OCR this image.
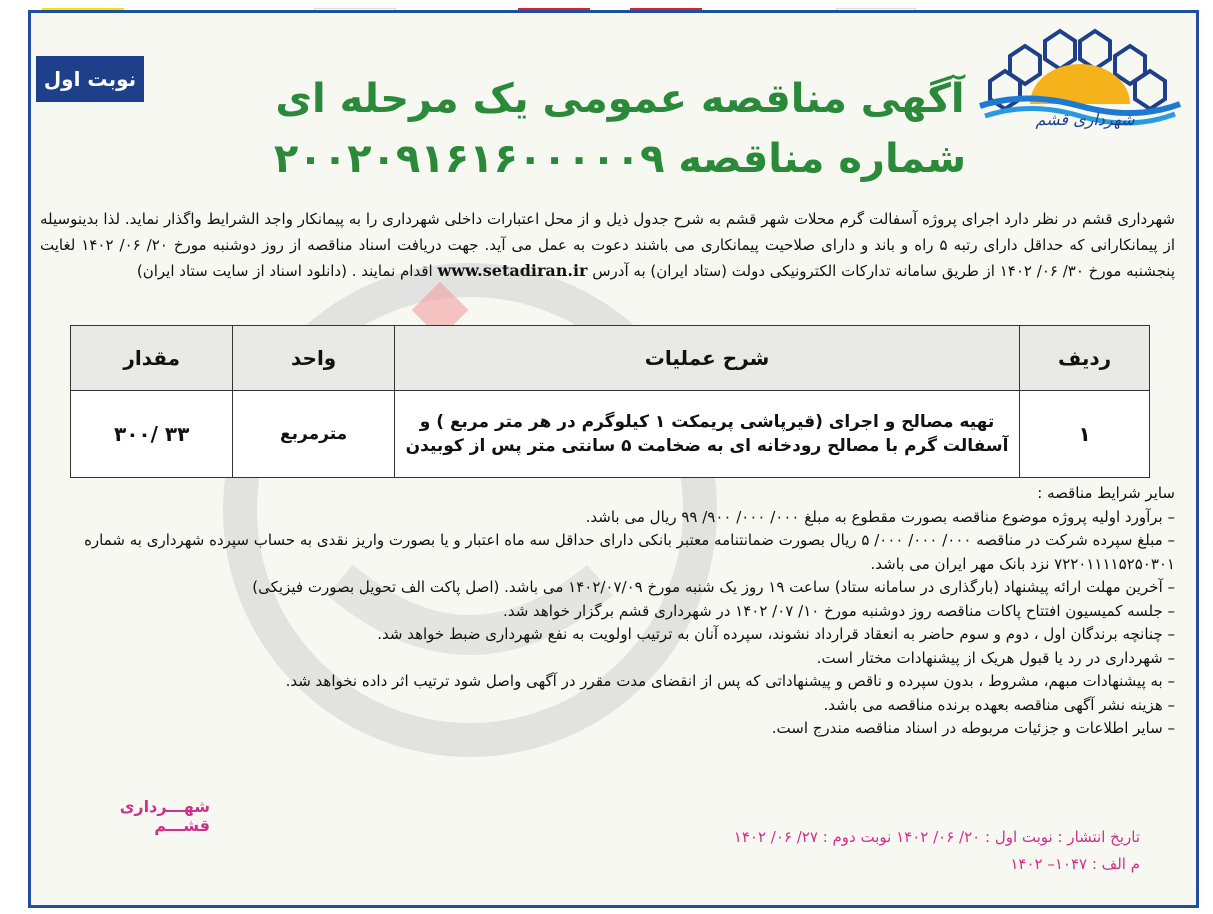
نوبت اول
شهرداری قشم
آگهی مناقصه عمومی یک مرحله ای
شماره مناقصه ۲۰۰۲۰۹۱۶۱۶۰۰۰۰۰۹
شهرداری قشم در نظر دارد اجرای پروژه آسفالت گرم محلات شهر قشم به شرح جدول ذیل و از محل اعتبارات داخلی شهرداری را به پیمانکار واجد الشرایط واگذار نماید. لذا بدینوسیله از پیمانکارانی که حداقل دارای رتبه ۵ راه و باند و دارای صلاحیت پیمانکاری می باشند دعوت به عمل می آید. جهت دریافت اسناد مناقصه از روز دوشنبه مورخ ۲۰/ ۰۶/ ۱۴۰۲ لغایت پنجشنبه مورخ ۳۰/ ۰۶/ ۱۴۰۲ از طریق سامانه تدارکات الکترونیکی دولت (ستاد ایران) به آدرس www.setadiran.ir اقدام نمایند . (دانلود اسناد از سایت ستاد ایران)
ردیف	شرح عملیات	واحد	مقدار
۱	تهیه مصالح و اجرای (قیرپاشی پریمکت ۱ کیلوگرم در هر متر مربع ) و
آسفالت گرم با مصالح رودخانه ای به ضخامت ۵ سانتی متر پس از کوبیدن	مترمربع	۳۳ /۳۰۰

سایر شرایط مناقصه :

– برآورد اولیه پروژه موضوع مناقصه بصورت مقطوع به مبلغ ۰۰۰/ ۰۰۰/ ۹۰۰/ ۹۹ ریال می باشد.

– مبلغ سپرده شرکت در مناقصه ۰۰۰/ ۰۰۰/ ۰۰۰/ ۵ ریال بصورت ضمانتنامه معتبر بانکی دارای حداقل سه ماه اعتبار و یا بصورت واریز نقدی به حساب سپرده شهرداری به شماره ۷۲۲۰۱۱۱۱۵۲۵۰۳۰۱ نزد بانک مهر ایران می باشد.

– آخرین مهلت ارائه پیشنهاد (بارگذاری در سامانه ستاد) ساعت ۱۹ روز یک شنبه مورخ ۱۴۰۲/۰۷/۰۹ می باشد. (اصل پاکت الف تحویل بصورت فیزیکی)

– جلسه کمیسیون افتتاح پاکات مناقصه روز دوشنبه مورخ ۱۰/ ۰۷/ ۱۴۰۲ در شهرداری قشم برگزار خواهد شد.

– چنانچه برندگان اول ، دوم و سوم حاضر به انعقاد قرارداد نشوند، سپرده آنان به ترتیب اولویت به نفع شهرداری ضبط خواهد شد.

– شهرداری در رد یا قبول هریک از پیشنهادات مختار است.

– به پیشنهادات مبهم، مشروط ، بدون سپرده و ناقص و پیشنهاداتی که پس از انقضای مدت مقرر در آگهی واصل شود ترتیب اثر داده نخواهد شد.

– هزینه نشر آگهی مناقصه بعهده برنده مناقصه می باشد.

– سایر اطلاعات و جزئیات مربوطه در اسناد مناقصه مندرج است.

شهـــرداری قشـــم
تاریخ انتشار : نوبت اول : ۲۰/ ۰۶/ ۱۴۰۲ نوبت دوم : ۲۷/ ۰۶/ ۱۴۰۲
م الف : ۱۰۴۷– ۱۴۰۲
